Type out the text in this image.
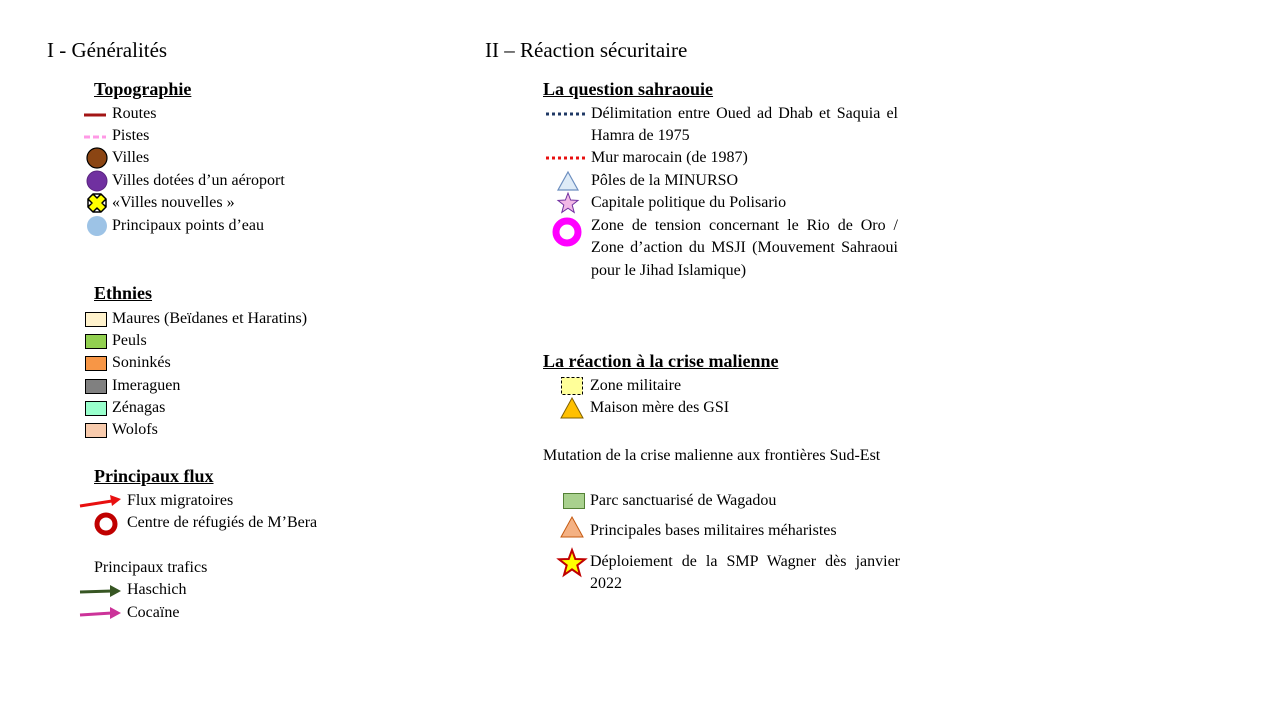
I - Généralités
Topographie
Routes
Pistes
Villes
Villes dotées d’un aéroport
«Villes nouvelles »
Principaux points d’eau
Ethnies
Maures (Beïdanes et Haratins)
Peuls
Soninkés
Imeraguen
Zénagas
Wolofs
Principaux flux
Flux migratoires
Centre de réfugiés de M’Bera
Principaux trafics
Haschich
Cocaïne
II – Réaction sécuritaire
La question sahraouie
Délimitation entre Oued ad Dhab et Saquia el Hamra de 1975
Mur marocain (de 1987)
Pôles de la MINURSO
Capitale politique du Polisario
Zone de tension concernant le Rio de Oro / Zone d’action du MSJI (Mouvement Sahraoui pour le Jihad Islamique)
La réaction à la crise malienne
Zone militaire
Maison mère des GSI
Mutation de la crise malienne aux frontières Sud-Est
Parc sanctuarisé de Wagadou
Principales bases militaires méharistes
Déploiement de la SMP Wagner dès janvier 2022
